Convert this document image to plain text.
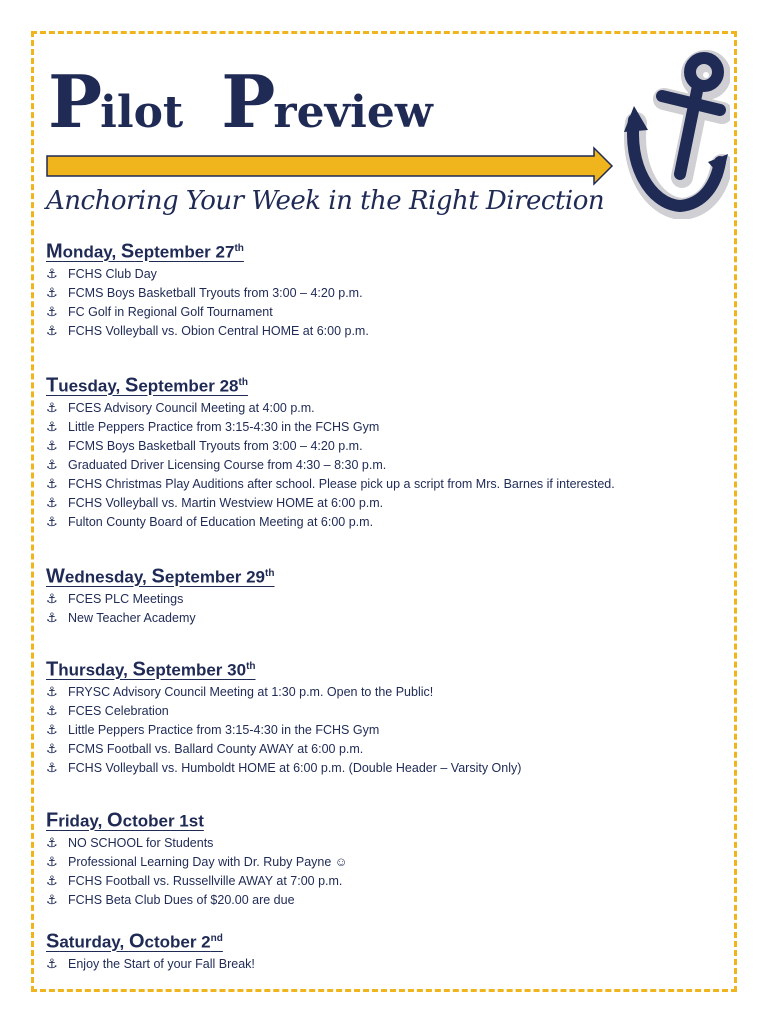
Pilot Preview
Anchoring Your Week in the Right Direction
Monday, September 27th
⚓ FCHS Club Day
⚓ FCMS Boys Basketball Tryouts from 3:00 – 4:20 p.m.
⚓ FC Golf in Regional Golf Tournament
⚓ FCHS Volleyball vs. Obion Central HOME at 6:00 p.m.
Tuesday, September 28th
⚓ FCES Advisory Council Meeting at 4:00 p.m.
⚓ Little Peppers Practice from 3:15-4:30 in the FCHS Gym
⚓ FCMS Boys Basketball Tryouts from 3:00 – 4:20 p.m.
⚓ Graduated Driver Licensing Course from 4:30 – 8:30 p.m.
⚓ FCHS Christmas Play Auditions after school. Please pick up a script from Mrs. Barnes if interested.
⚓ FCHS Volleyball vs. Martin Westview HOME at 6:00 p.m.
⚓ Fulton County Board of Education Meeting at 6:00 p.m.
Wednesday, September 29th
⚓ FCES PLC Meetings
⚓ New Teacher Academy
Thursday, September 30th
⚓ FRYSC Advisory Council Meeting at 1:30 p.m. Open to the Public!
⚓ FCES Celebration
⚓ Little Peppers Practice from 3:15-4:30 in the FCHS Gym
⚓ FCMS Football vs. Ballard County AWAY at 6:00 p.m.
⚓ FCHS Volleyball vs. Humboldt HOME at 6:00 p.m. (Double Header – Varsity Only)
Friday, October 1st
⚓ NO SCHOOL for Students
⚓ Professional Learning Day with Dr. Ruby Payne ☺
⚓ FCHS Football vs. Russellville AWAY at 7:00 p.m.
⚓ FCHS Beta Club Dues of $20.00 are due
Saturday, October 2nd
⚓ Enjoy the Start of your Fall Break!
